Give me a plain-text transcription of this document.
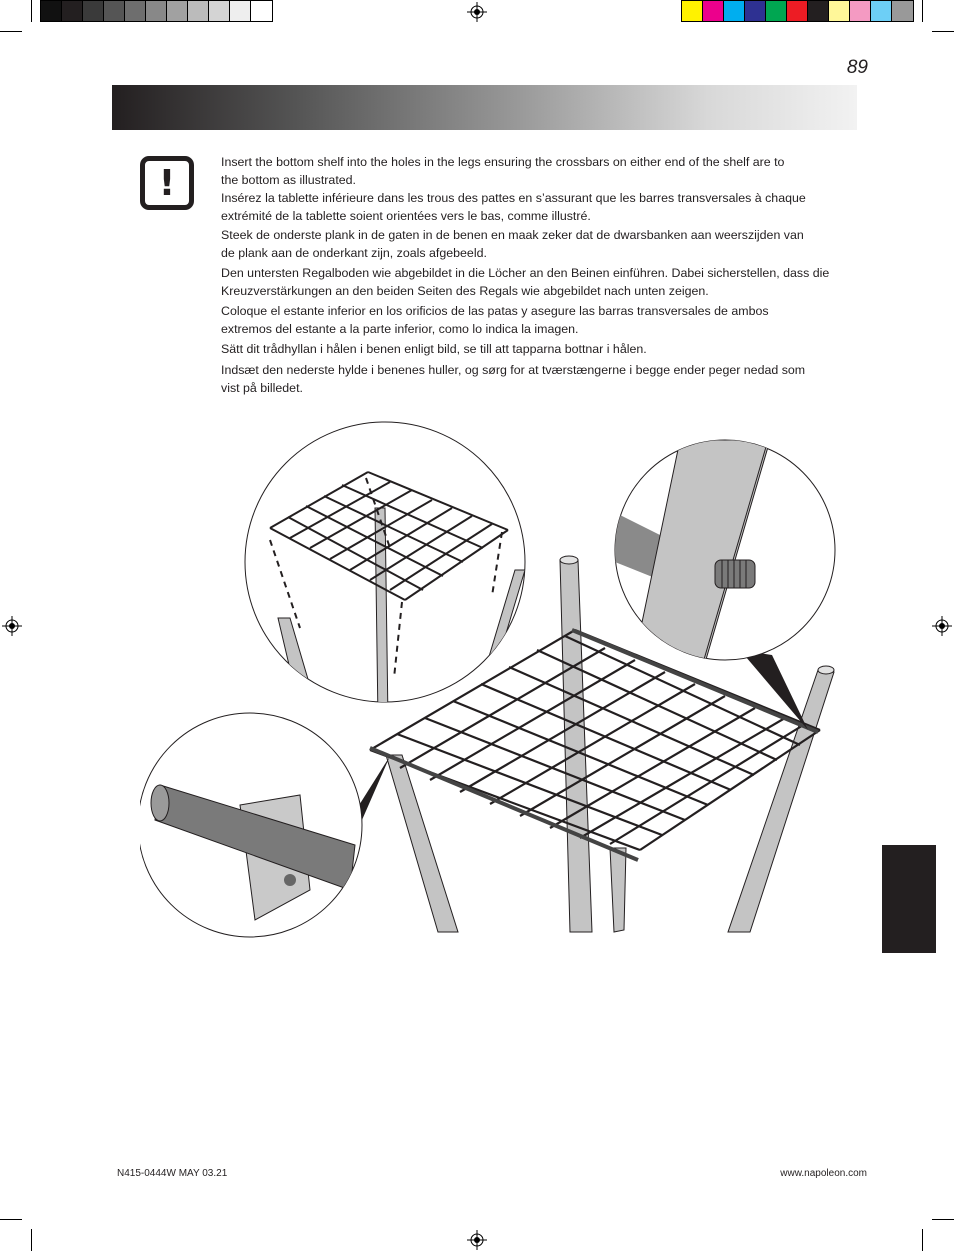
89
!
Insert the bottom shelf into the holes in the legs ensuring the crossbars on either end of the shelf are to
the bottom as illustrated.
Insérez la tablette inférieure dans les trous des pattes en s’assurant que les barres transversales à chaque
extrémité de la tablette soient orientées vers le bas, comme illustré.
Steek de onderste plank in de gaten in de benen en maak zeker dat de dwarsbanken aan weerszijden van
de plank aan de onderkant zijn, zoals afgebeeld.
Den untersten Regalboden wie abgebildet in die Löcher an den Beinen einführen. Dabei sicherstellen, dass die
Kreuzverstärkungen an den beiden Seiten des Regals wie abgebildet nach unten zeigen.
Coloque el estante inferior en los orificios de las patas y asegure las barras transversales de ambos
extremos del estante a la parte inferior, como lo indica la imagen.
Sätt dit trådhyllan i hålen i benen enligt bild, se till att tapparna bottnar i hålen.
Indsæt den nederste hylde i benenes huller, og sørg for at tværstængerne i begge ender peger nedad som
vist på billedet.
N415-0444W MAY 03.21	www.napoleon.com
